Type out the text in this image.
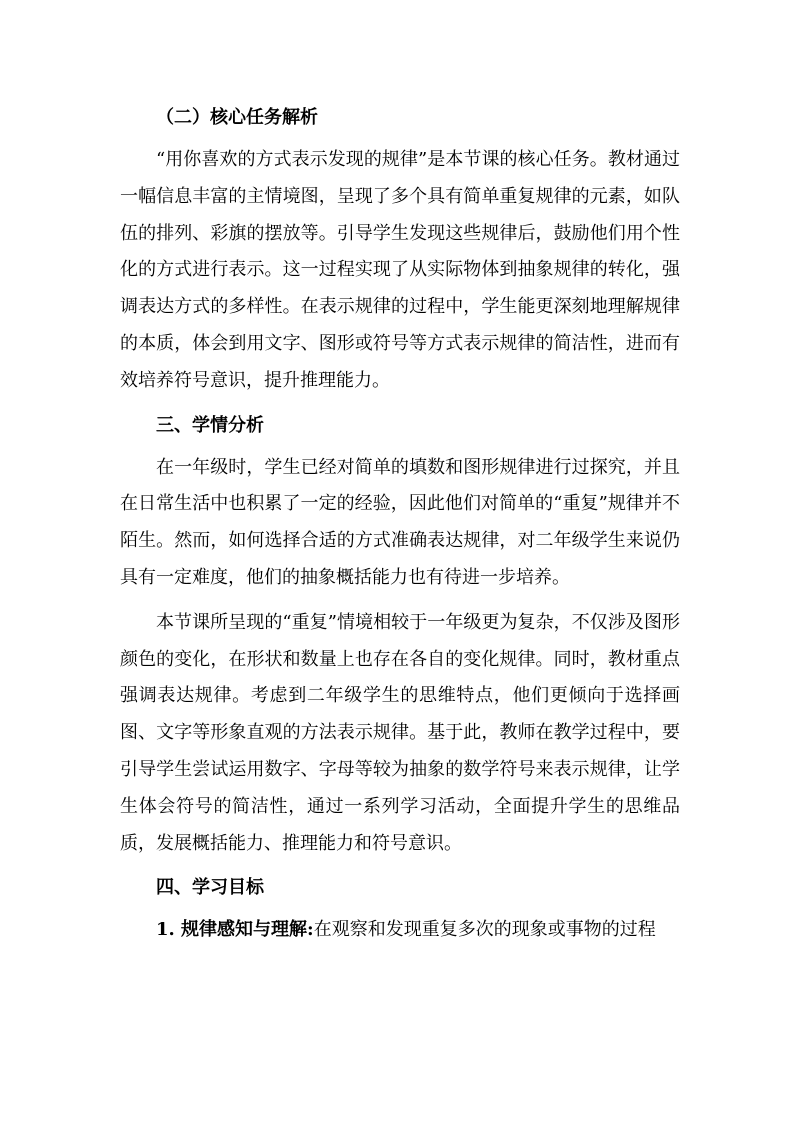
（二）核心任务解析

“用你喜欢的方式表示发现的规律”是本节课的核心任务。教材通过一幅信息丰富的主情境图，呈现了多个具有简单重复规律的元素，如队伍的排列、彩旗的摆放等。引导学生发现这些规律后，鼓励他们用个性化的方式进行表示。这一过程实现了从实际物体到抽象规律的转化，强调表达方式的多样性。在表示规律的过程中，学生能更深刻地理解规律的本质，体会到用文字、图形或符号等方式表示规律的简洁性，进而有效培养符号意识，提升推理能力。

三、学情分析

在一年级时，学生已经对简单的填数和图形规律进行过探究，并且在日常生活中也积累了一定的经验，因此他们对简单的“重复”规律并不陌生。然而，如何选择合适的方式准确表达规律，对二年级学生来说仍具有一定难度，他们的抽象概括能力也有待进一步培养。

本节课所呈现的“重复”情境相较于一年级更为复杂，不仅涉及图形颜色的变化，在形状和数量上也存在各自的变化规律。同时，教材重点强调表达规律。考虑到二年级学生的思维特点，他们更倾向于选择画图、文字等形象直观的方法表示规律。基于此，教师在教学过程中，要引导学生尝试运用数字、字母等较为抽象的数学符号来表示规律，让学生体会符号的简洁性，通过一系列学习活动，全面提升学生的思维品质，发展概括能力、推理能力和符号意识。

四、学习目标

1. 规律感知与理解:在观察和发现重复多次的现象或事物的过程
